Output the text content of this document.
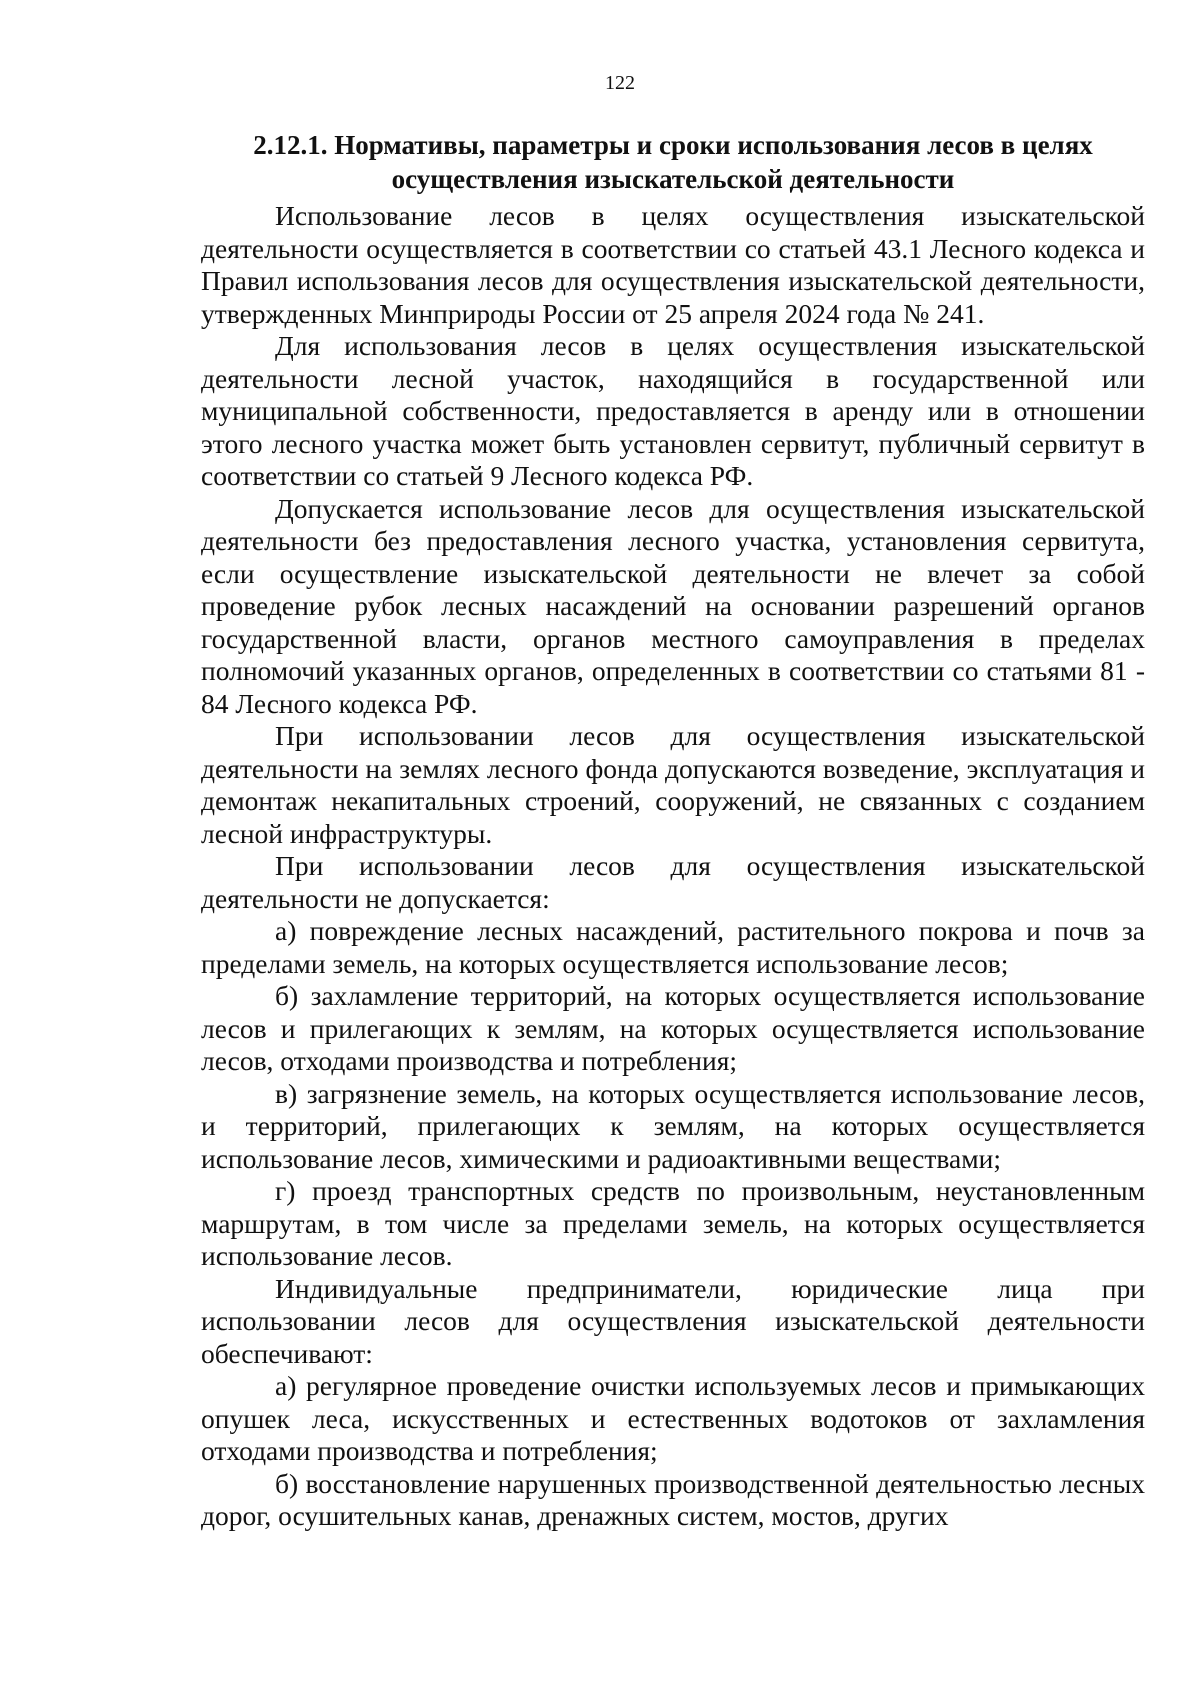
122
2.12.1. Нормативы, параметры и сроки использования лесов в целях
осуществления изыскательской деятельности

Использование лесов в целях осуществления изыскательской деятельности осуществляется в соответствии со статьей 43.1 Лесного кодекса и Правил использования лесов для осуществления изыскательской деятельности, утвержденных Минприроды России от 25 апреля 2024 года № 241.

Для использования лесов в целях осуществления изыскательской деятельности лесной участок, находящийся в государственной или муниципальной собственности, предоставляется в аренду или в отношении этого лесного участка может быть установлен сервитут, публичный сервитут в соответствии со статьей 9 Лесного кодекса РФ.

Допускается использование лесов для осуществления изыскательской деятельности без предоставления лесного участка, установления сервитута, если осуществление изыскательской деятельности не влечет за собой проведение рубок лесных насаждений на основании разрешений органов государственной власти, органов местного самоуправления в пределах полномочий указанных органов, определенных в соответствии со статьями 81 - 84 Лесного кодекса РФ.

При использовании лесов для осуществления изыскательской деятельности на землях лесного фонда допускаются возведение, эксплуатация и демонтаж некапитальных строений, сооружений, не связанных с созданием лесной инфраструктуры.

При использовании лесов для осуществления изыскательской деятельности не допускается:

а) повреждение лесных насаждений, растительного покрова и почв за пределами земель, на которых осуществляется использование лесов;

б) захламление территорий, на которых осуществляется использование лесов и прилегающих к землям, на которых осуществляется использование лесов, отходами производства и потребления;

в) загрязнение земель, на которых осуществляется использование лесов, и территорий, прилегающих к землям, на которых осуществляется использование лесов, химическими и радиоактивными веществами;

г) проезд транспортных средств по произвольным, неустановленным маршрутам, в том числе за пределами земель, на которых осуществляется использование лесов.

Индивидуальные предприниматели, юридические лица при использовании лесов для осуществления изыскательской деятельности обеспечивают:

а) регулярное проведение очистки используемых лесов и примыкающих опушек леса, искусственных и естественных водотоков от захламления отходами производства и потребления;

б) восстановление нарушенных производственной деятельностью лесных дорог, осушительных канав, дренажных систем, мостов, других
